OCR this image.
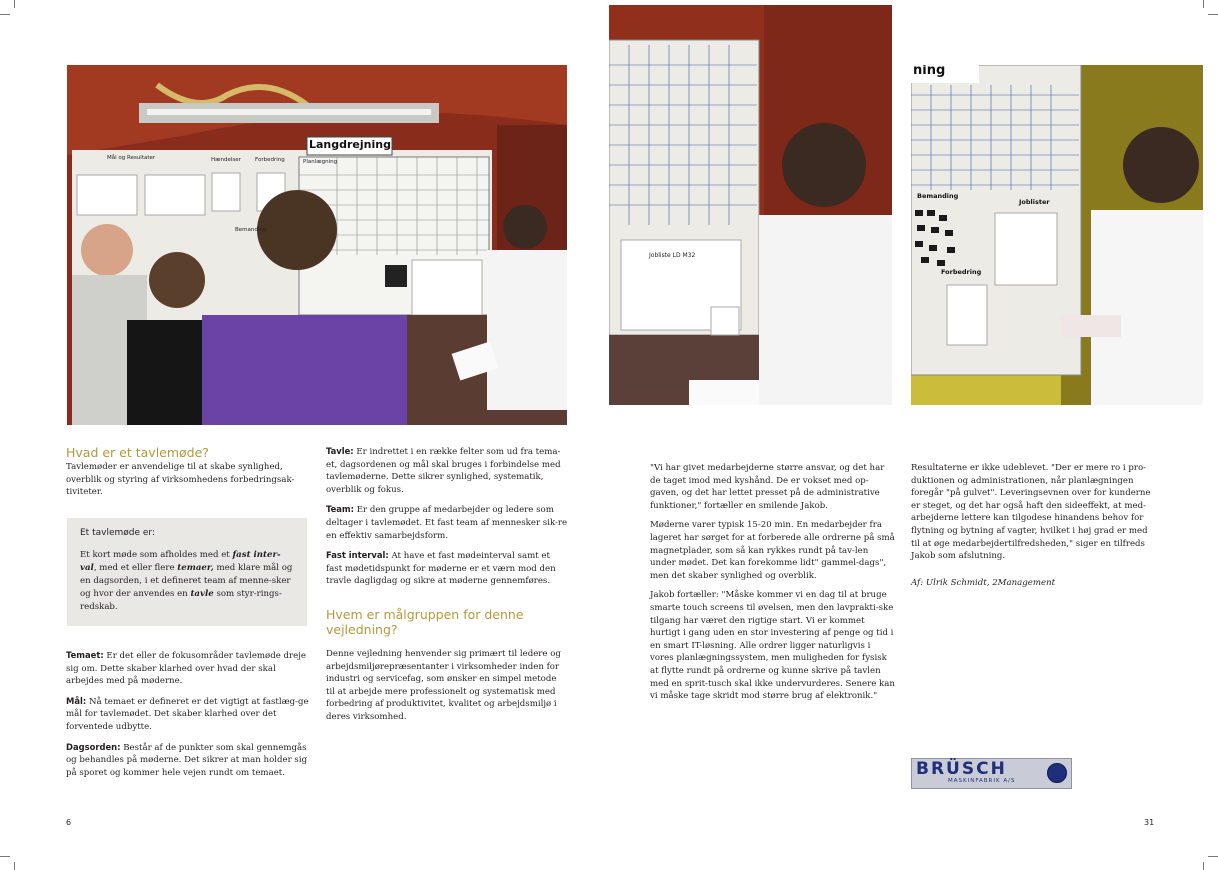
Langdrejning
Mål og Resultater	Hændelser	Forbedring	Planlægning
Bemanding
Jobliste LD M32
ning
Bemanding
Joblister
Forbedring
Hvad er et tavlemøde?
Tavlemøder er anvendelige til at skabe synlighed, overblik og styring af virksomhedens forbedringsak-tiviteter.
Et tavlemøde er:
Et kort møde som afholdes med et fast inter-val, med et eller flere temaer, med klare mål og en dagsorden, i et defineret team af menne-sker og hvor der anvendes en tavle som styr-rings-redskab.

Temaet: Er det eller de fokusområder tavlemøde dreje sig om. Dette skaber klarhed over hvad der skal arbejdes med på møderne.

Mål: Nå temaet er defineret er det vigtigt at fastlæg-ge mål for tavlemødet. Det skaber klarhed over det forventede udbytte.

Dagsorden: Består af de punkter som skal gennemgås og behandles på møderne. Det sikrer at man holder sig på sporet og kommer hele vejen rundt om temaet.

Tavle: Er indrettet i en række felter som ud fra tema-et, dagsordenen og mål skal bruges i forbindelse med tavlemøderne. Dette sikrer synlighed, systematik, overblik og fokus.

Team: Er den gruppe af medarbejder og ledere som deltager i tavlemødet. Et fast team af mennesker sik-re en effektiv samarbejdsform.

Fast interval: At have et fast mødeinterval samt et fast mødetidspunkt for møderne er et værn mod den travle dagligdag og sikre at møderne gennemføres.

Hvem er målgruppen for denne vejledning?
Denne vejledning henvender sig primært til ledere og arbejdsmiljørepræsentanter i virksomheder inden for industri og servicefag, som ønsker en simpel metode til at arbejde mere professionelt og systematisk med forbedring af produktivitet, kvalitet og arbejdsmiljø i deres virksomhed.
6

"Vi har givet medarbejderne større ansvar, og det har de taget imod med kyshånd. De er vokset med op-gaven, og det har lettet presset på de administrative funktioner," fortæller en smilende Jakob.

Møderne varer typisk 15-20 min. En medarbejder fra lageret har sørget for at forberede alle ordrerne på små magnetplader, som så kan rykkes rundt på tav-len under mødet. Det kan forekomme lidt" gammel-dags", men det skaber synlighed og overblik.

Jakob fortæller: "Måske kommer vi en dag til at bruge smarte touch screens til øvelsen, men den lavprakti-ske tilgang har været den rigtige start. Vi er kommet hurtigt i gang uden en stor investering af penge og tid i en smart IT-løsning. Alle ordrer ligger naturligvis i vores planlægningssystem, men muligheden for fysisk at flytte rundt på ordrerne og kunne skrive på tavlen med en sprit-tusch skal ikke undervurderes. Senere kan vi måske tage skridt mod større brug af elektronik."

Resultaterne er ikke udeblevet. "Der er mere ro i pro-duktionen og administrationen, når planlægningen foregår "på gulvet". Leveringsevnen over for kunderne er steget, og det har også haft den sideeffekt, at med-arbejderne lettere kan tilgodese hinandens behov for flytning og bytning af vagter, hvilket i høj grad er med til at øge medarbejdertilfredsheden," siger en tilfreds Jakob som afslutning.

Af: Ulrik Schmidt, 2Management

BRÜSCH
MASKINFABRIK A/S
31
